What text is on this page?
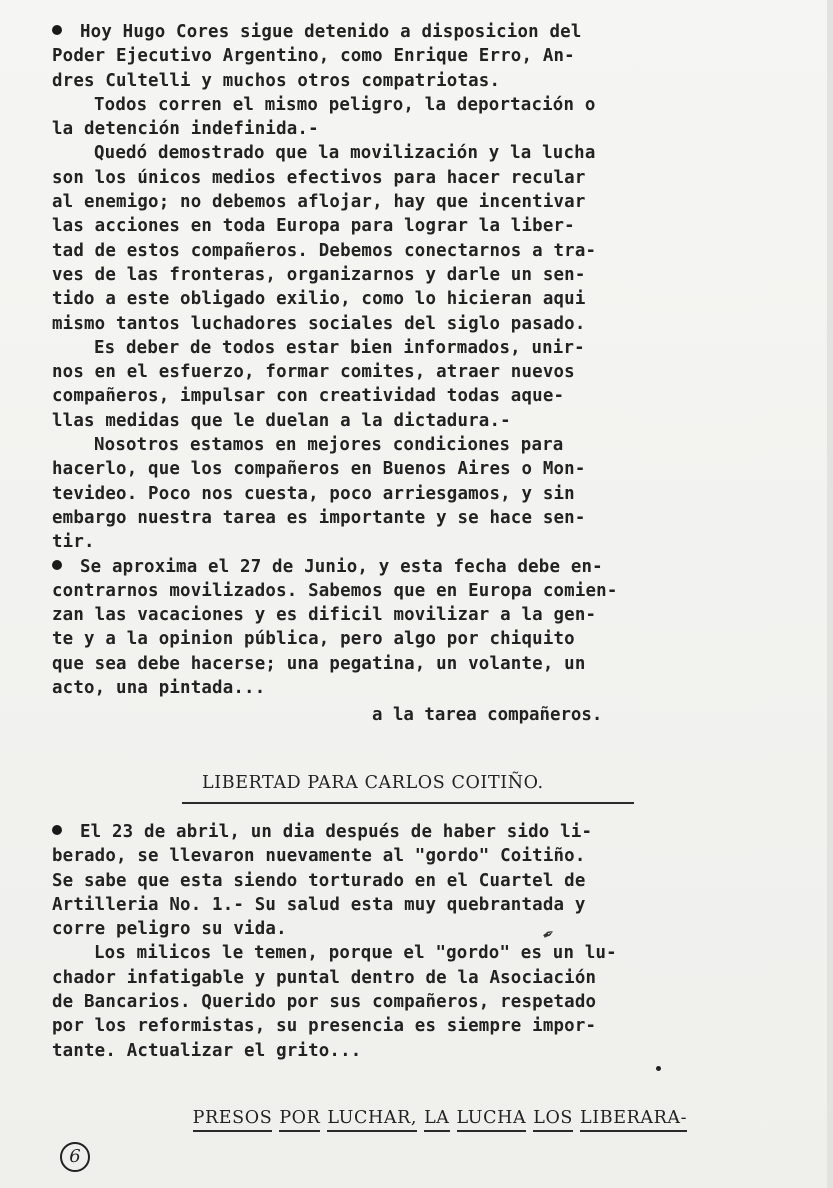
Hoy Hugo Cores sigue detenido a disposicion del
Poder Ejecutivo Argentino, como Enrique Erro, An-
dres Cultelli y muchos otros compatriotas.
Todos corren el mismo peligro, la deportación o
la detención indefinida.-
Quedó demostrado que la movilización y la lucha
son los únicos medios efectivos para hacer recular
al enemigo; no debemos aflojar, hay que incentivar
las acciones en toda Europa para lograr la liber-
tad de estos compañeros. Debemos conectarnos a tra-
ves de las fronteras, organizarnos y darle un sen-
tido a este obligado exilio, como lo hicieran aqui
mismo tantos luchadores sociales del siglo pasado.
Es deber de todos estar bien informados, unir-
nos en el esfuerzo, formar comites, atraer nuevos
compañeros, impulsar con creatividad todas aque-
llas medidas que le duelan a la dictadura.-
Nosotros estamos en mejores condiciones para
hacerlo, que los compañeros en Buenos Aires o Mon-
tevideo. Poco nos cuesta, poco arriesgamos, y sin
embargo nuestra tarea es importante y se hace sen-
tir.
Se aproxima el 27 de Junio, y esta fecha debe en-
contrarnos movilizados. Sabemos que en Europa comien-
zan las vacaciones y es dificil movilizar a la gen-
te y a la opinion pública, pero algo por chiquito
que sea debe hacerse; una pegatina, un volante, un
acto, una pintada...
a la tarea compañeros.
LIBERTAD PARA CARLOS COITIÑO.
El 23 de abril, un dia después de haber sido li-
berado, se llevaron nuevamente al "gordo" Coitiño.
Se sabe que esta siendo torturado en el Cuartel de
Artilleria No. 1.- Su salud esta muy quebrantada y
corre peligro su vida.
Los milicos le temen, porque el "gordo" es un lu-
chador infatigable y puntal dentro de la Asociación
de Bancarios. Querido por sus compañeros, respetado
por los reformistas, su presencia es siempre impor-
tante. Actualizar el grito...
✒

PRESOS POR LUCHAR, LA LUCHA LOS LIBERARA-

6
